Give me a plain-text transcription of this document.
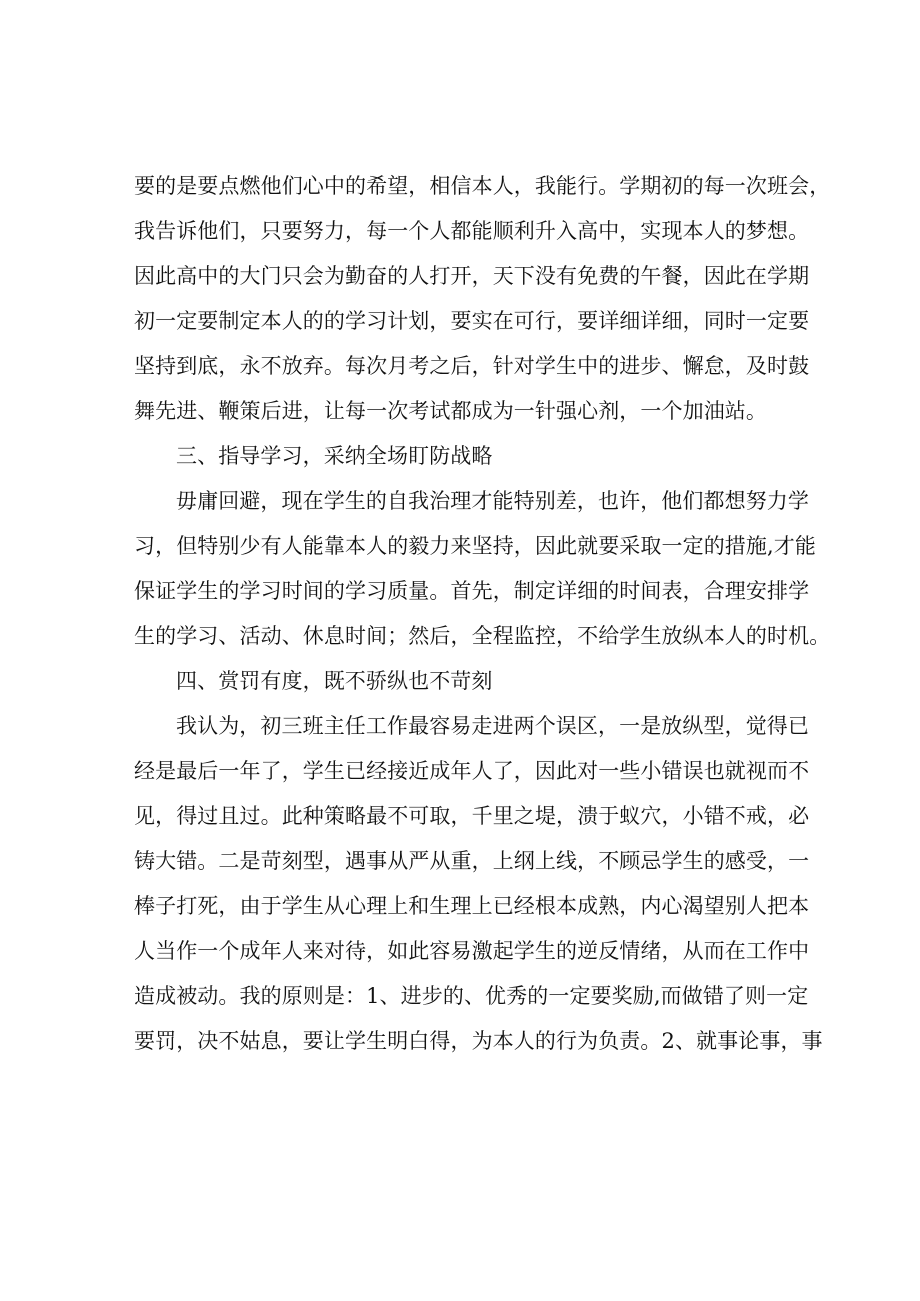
要的是要点燃他们心中的希望，相信本人，我能行。学期初的每一次班会，
我告诉他们，只要努力，每一个人都能顺利升入高中，实现本人的梦想。
因此高中的大门只会为勤奋的人打开，天下没有免费的午餐，因此在学期
初一定要制定本人的的学习计划，要实在可行，要详细详细，同时一定要
坚持到底，永不放弃。每次月考之后，针对学生中的进步、懈怠，及时鼓
舞先进、鞭策后进，让每一次考试都成为一针强心剂，一个加油站。
三、指导学习，采纳全场盯防战略
毋庸回避，现在学生的自我治理才能特别差，也许，他们都想努力学
习，但特别少有人能靠本人的毅力来坚持，因此就要采取一定的措施,才能
保证学生的学习时间的学习质量。首先，制定详细的时间表，合理安排学
生的学习、活动、休息时间；然后，全程监控，不给学生放纵本人的时机。
四、赏罚有度，既不骄纵也不苛刻
我认为，初三班主任工作最容易走进两个误区，一是放纵型，觉得已
经是最后一年了，学生已经接近成年人了，因此对一些小错误也就视而不
见，得过且过。此种策略最不可取，千里之堤，溃于蚁穴，小错不戒，必
铸大错。二是苛刻型，遇事从严从重，上纲上线，不顾忌学生的感受，一
棒子打死，由于学生从心理上和生理上已经根本成熟，内心渴望别人把本
人当作一个成年人来对待，如此容易激起学生的逆反情绪，从而在工作中
造成被动。我的原则是：1、进步的、优秀的一定要奖励,而做错了则一定
要罚，决不姑息，要让学生明白得，为本人的行为负责。2、就事论事，事
